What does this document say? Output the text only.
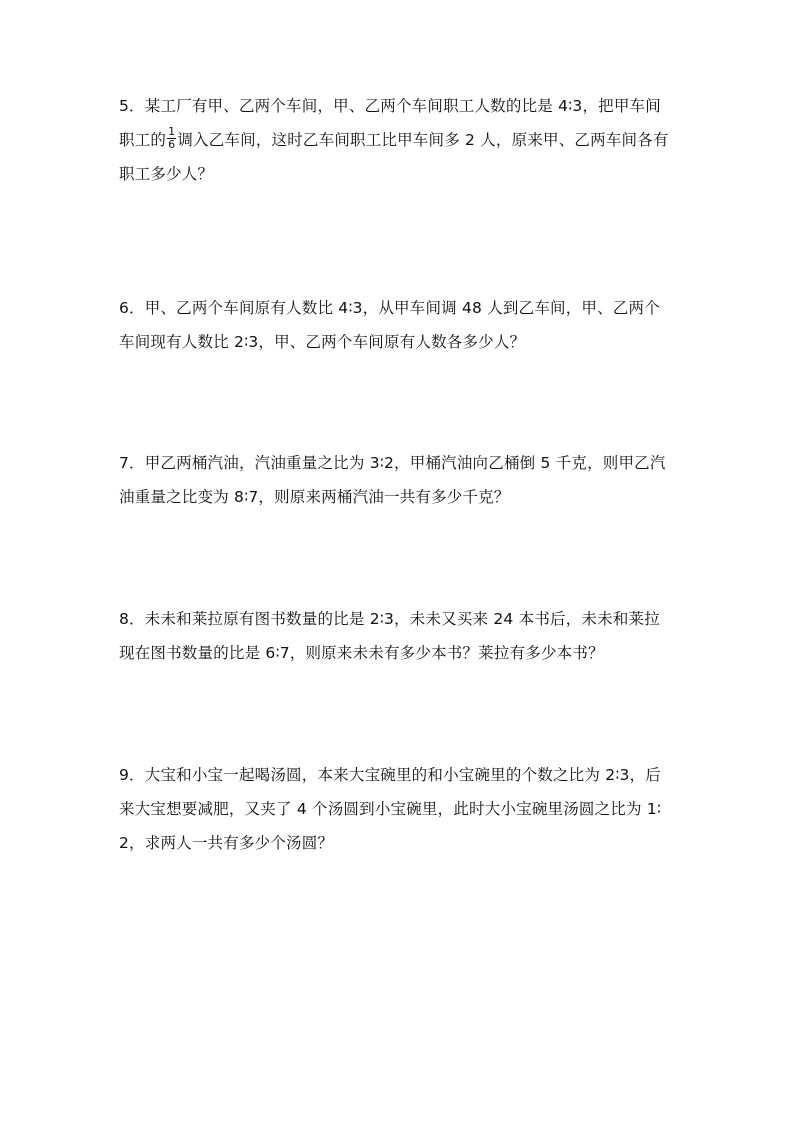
5．某工厂有甲、乙两个车间，甲、乙两个车间职工人数的比是 4∶3，把甲车间
职工的 $\frac{1}{6}$ 调入乙车间，这时乙车间职工比甲车间多 2 人，原来甲、乙两车间各有
职工多少人？
6．甲、乙两个车间原有人数比 4∶3，从甲车间调 48 人到乙车间，甲、乙两个
车间现有人数比 2∶3，甲、乙两个车间原有人数各多少人？
7．甲乙两桶汽油，汽油重量之比为 3∶2，甲桶汽油向乙桶倒 5 千克，则甲乙汽
油重量之比变为 8∶7，则原来两桶汽油一共有多少千克？
8．未未和莱拉原有图书数量的比是 2∶3，未未又买来 24 本书后，未未和莱拉
现在图书数量的比是 6∶7，则原来未未有多少本书？莱拉有多少本书？
9．大宝和小宝一起喝汤圆，本来大宝碗里的和小宝碗里的个数之比为 2∶3，后
来大宝想要减肥，又夹了 4 个汤圆到小宝碗里，此时大小宝碗里汤圆之比为 1∶
2，求两人一共有多少个汤圆？
